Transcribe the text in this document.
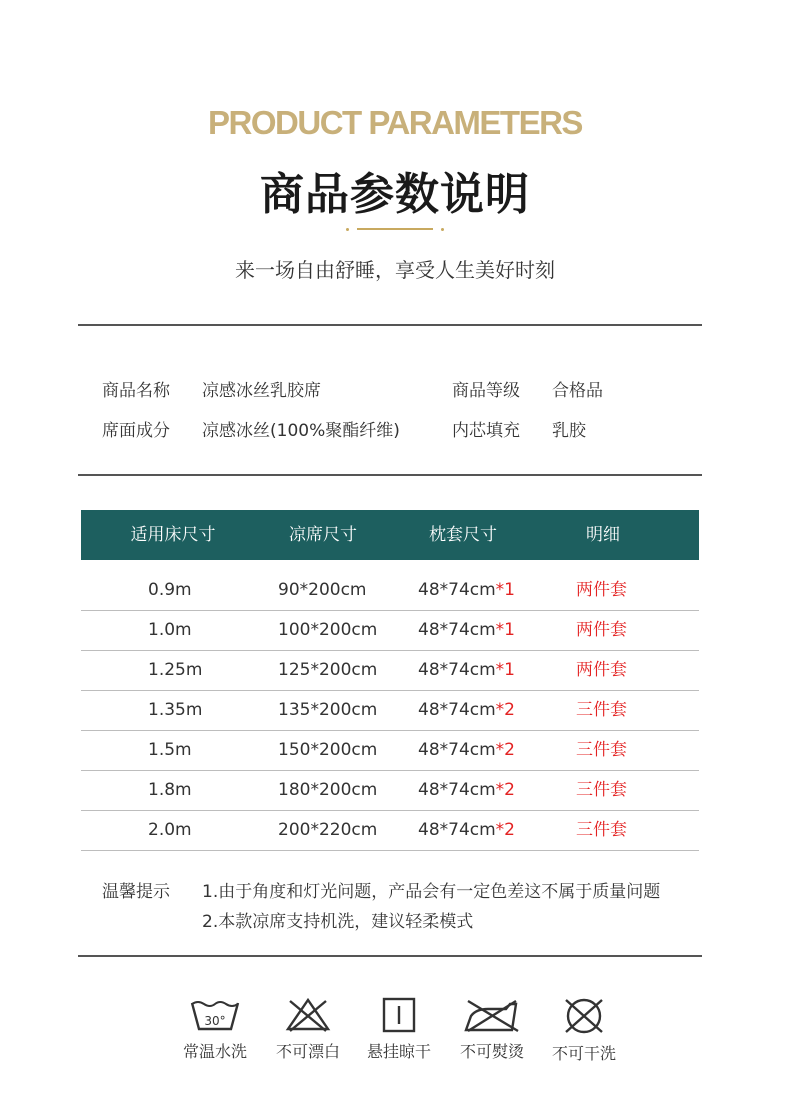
PRODUCT PARAMETERS
商品参数说明
来一场自由舒睡，享受人生美好时刻
商品名称 凉感冰丝乳胶席	商品等级 合格品
席面成分 凉感冰丝(100%聚酯纤维)	内芯填充 乳胶
适用床尺寸	凉席尺寸	枕套尺寸	明细
0.9m	90*200cm	48*74cm*1	两件套
1.0m	100*200cm 48*74cm*1	两件套
1.25m	125*200cm 48*74cm*1	两件套
1.35m	135*200cm 48*74cm*2	三件套
1.5m	150*200cm 48*74cm*2	三件套
1.8m	180*200cm 48*74cm*2	三件套
2.0m	200*220cm 48*74cm*2	三件套
温馨提示 1.由于角度和灯光问题，产品会有一定色差这不属于质量问题
2.本款凉席支持机洗，建议轻柔模式
30°
常温水洗	不可漂白	悬挂晾干	不可熨烫	不可干洗
